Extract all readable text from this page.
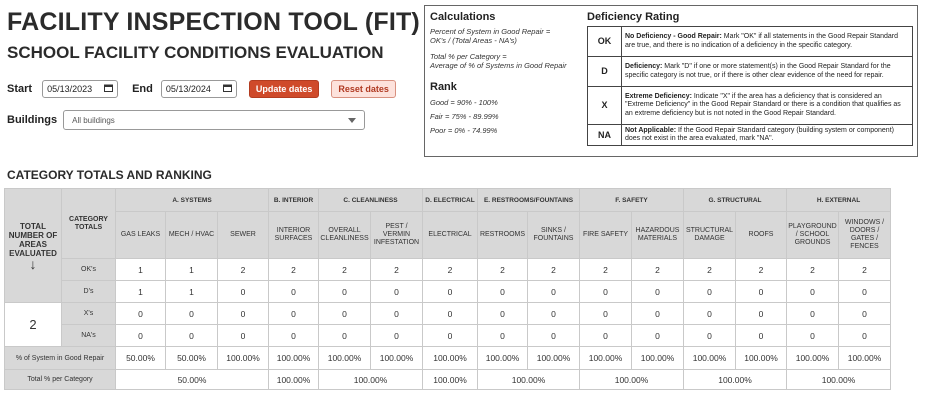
FACILITY INSPECTION TOOL (FIT)
SCHOOL FACILITY CONDITIONS EVALUATION
Start 05/13/2023	End 05/13/2024	Update dates	Reset dates
Buildings All buildings
Calculations
Percent of System in Good Repair =
OK's / (Total Areas - NA's)
Total % per Category =
Average of % of Systems in Good Repair
Rank
Good = 90% - 100%
Fair = 75% - 89.99%
Poor = 0% - 74.99%
Deficiency Rating
OK	No Deficiency - Good Repair: Mark "OK" if all statements in the Good Repair Standard are true, and there is no indication of a deficiency in the specific category.
D	Deficiency: Mark "D" if one or more statement(s) in the Good Repair Standard for the specific category is not true, or if there is other clear evidence of the need for repair.
X	Extreme Deficiency: Indicate "X" if the area has a deficiency that is considered an "Extreme Deficiency" in the Good Repair Standard or there is a condition that qualifies as an extreme deficiency but is not noted in the Good Repair Standard.
NA	Not Applicable: If the Good Repair Standard category (building system or component) does not exist in the area evaluated, mark "NA".
CATEGORY TOTALS AND RANKING
TOTAL NUMBER OF AREAS EVALUATED
↓	CATEGORY TOTALS	A. SYSTEMS			B. INTERIOR	C. CLEANLINESS		D. ELECTRICAL	E. RESTROOMS/FOUNTAINS		F. SAFETY		G. STRUCTURAL		H. EXTERNAL	
		GAS LEAKS	MECH / HVAC	SEWER	INTERIOR SURFACES	OVERALL CLEANLINESS	PEST / VERMIN INFESTATION	ELECTRICAL	RESTROOMS	SINKS / FOUNTAINS	FIRE SAFETY	HAZARDOUS MATERIALS	STRUCTURAL DAMAGE	ROOFS	PLAYGROUND / SCHOOL GROUNDS	WINDOWS / DOORS / GATES / FENCES
	OK's	1	1	2	2	2	2	2	2	2	2	2	2	2	2	2
	D's	1	1	0	0	0	0	0	0	0	0	0	0	0	0	0
2	X's	0	0	0	0	0	0	0	0	0	0	0	0	0	0	0
	NA's	0	0	0	0	0	0	0	0	0	0	0	0	0	0	0
% of System in Good Repair		50.00%	50.00%	100.00%	100.00%	100.00%	100.00%	100.00%	100.00%	100.00%	100.00%	100.00%	100.00%	100.00%	100.00%	100.00%
Total % per Category		50.00%			100.00%	100.00%		100.00%	100.00%		100.00%		100.00%		100.00%	
